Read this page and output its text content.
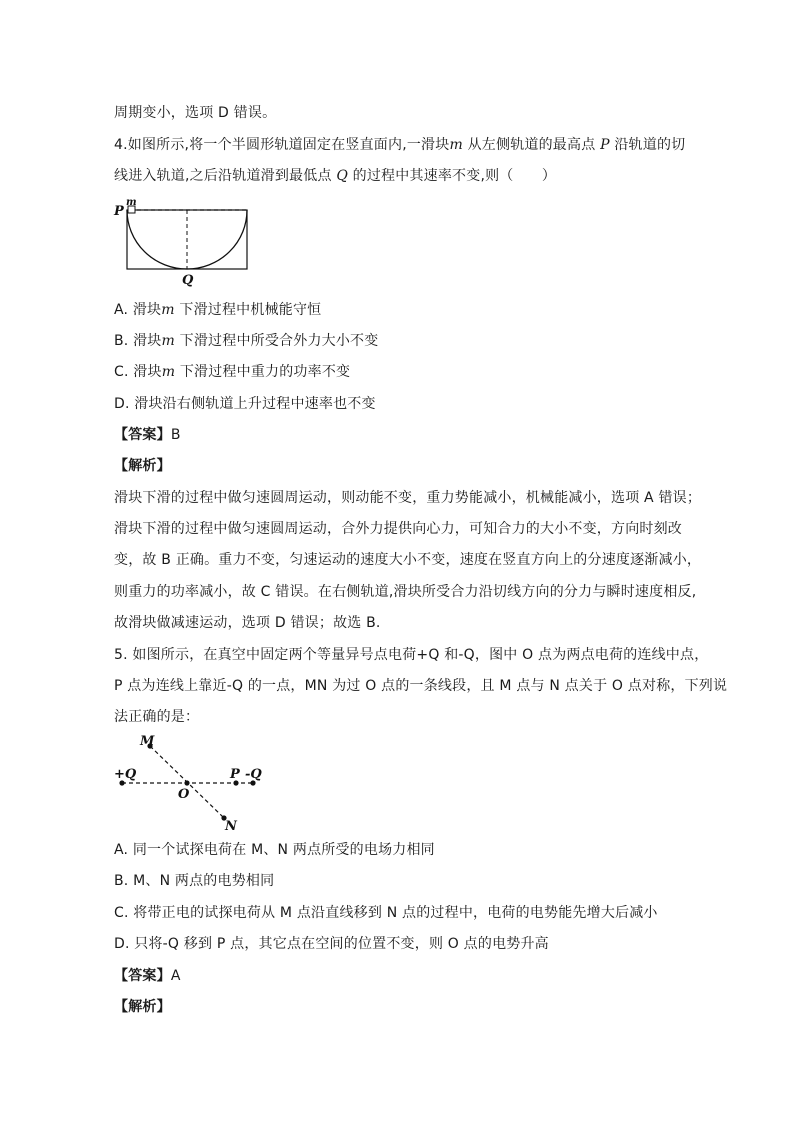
周期变小，选项 D 错误。
4.如图所示,将一个半圆形轨道固定在竖直面内,一滑块m 从左侧轨道的最高点 P 沿轨道的切
线进入轨道,之后沿轨道滑到最低点 Q 的过程中其速率不变,则（　　）
P
m
Q
A. 滑块m 下滑过程中机械能守恒
B. 滑块m 下滑过程中所受合外力大小不变
C. 滑块m 下滑过程中重力的功率不变
D. 滑块沿右侧轨道上升过程中速率也不变
【答案】B
【解析】
滑块下滑的过程中做匀速圆周运动，则动能不变，重力势能减小，机械能减小，选项 A 错误；
滑块下滑的过程中做匀速圆周运动，合外力提供向心力，可知合力的大小不变，方向时刻改
变，故 B 正确。重力不变，匀速运动的速度大小不变，速度在竖直方向上的分速度逐渐减小，
则重力的功率减小，故 C 错误。在右侧轨道,滑块所受合力沿切线方向的分力与瞬时速度相反,
故滑块做减速运动，选项 D 错误；故选 B.
5. 如图所示，在真空中固定两个等量异号点电荷+Q 和-Q，图中 O 点为两点电荷的连线中点，
P 点为连线上靠近-Q 的一点，MN 为过 O 点的一条线段，且 M 点与 N 点关于 O 点对称，下列说
法正确的是：
M
+Q
O
P -Q
N
A. 同一个试探电荷在 M、N 两点所受的电场力相同
B. M、N 两点的电势相同
C. 将带正电的试探电荷从 M 点沿直线移到 N 点的过程中，电荷的电势能先增大后减小
D. 只将-Q 移到 P 点，其它点在空间的位置不变，则 O 点的电势升高
【答案】A
【解析】
